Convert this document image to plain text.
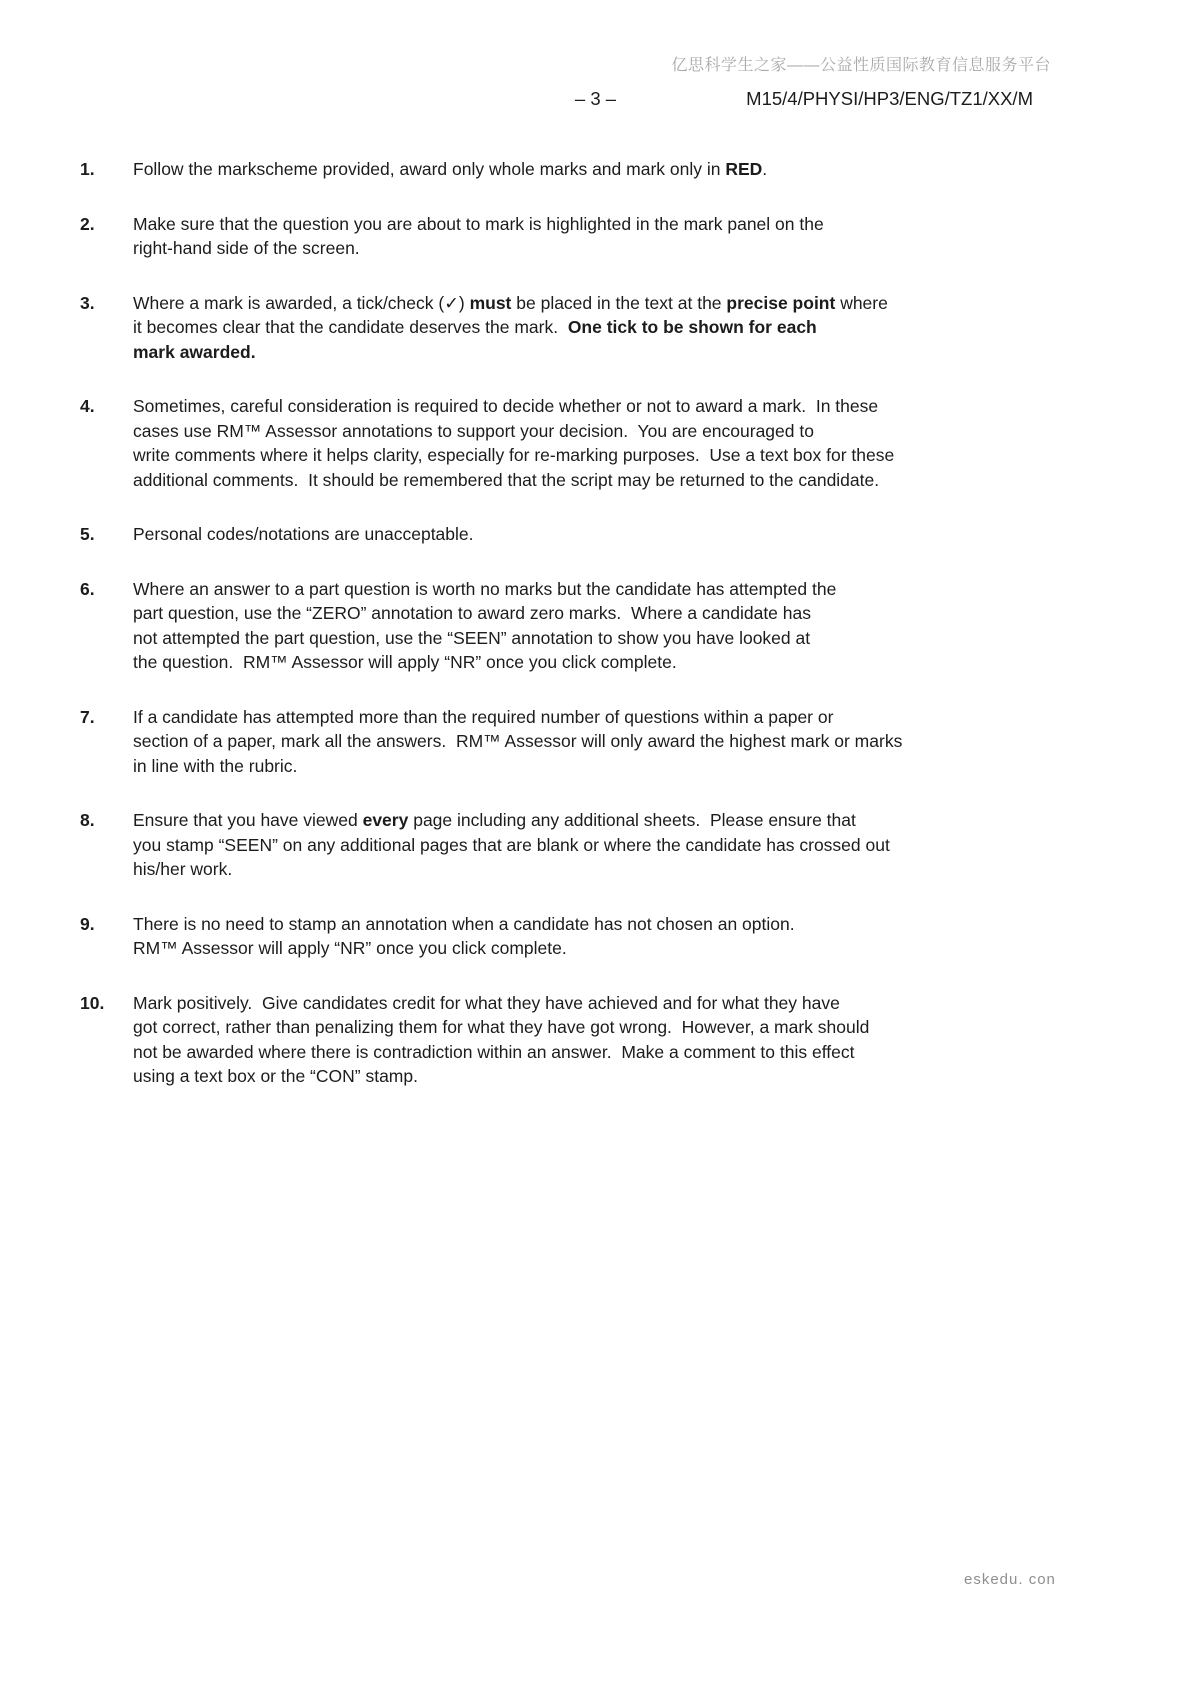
亿思科学生之家——公益性质国际教育信息服务平台
– 3 –	M15/4/PHYSI/HP3/ENG/TZ1/XX/M
1.	Follow the markscheme provided, award only whole marks and mark only in RED.
2.	Make sure that the question you are about to mark is highlighted in the mark panel on the
right-hand side of the screen.
3.	Where a mark is awarded, a tick/check (✓) must be placed in the text at the precise point where
it becomes clear that the candidate deserves the mark.  One tick to be shown for each
mark awarded.
4.	Sometimes, careful consideration is required to decide whether or not to award a mark.  In these
cases use RM™ Assessor annotations to support your decision.  You are encouraged to
write comments where it helps clarity, especially for re-marking purposes.  Use a text box for these
additional comments.  It should be remembered that the script may be returned to the candidate.
5.	Personal codes/notations are unacceptable.
6.	Where an answer to a part question is worth no marks but the candidate has attempted the
part question, use the “ZERO” annotation to award zero marks.  Where a candidate has
not attempted the part question, use the “SEEN” annotation to show you have looked at
the question.  RM™ Assessor will apply “NR” once you click complete.
7.	If a candidate has attempted more than the required number of questions within a paper or
section of a paper, mark all the answers.  RM™ Assessor will only award the highest mark or marks
in line with the rubric.
8.	Ensure that you have viewed every page including any additional sheets.  Please ensure that
you stamp “SEEN” on any additional pages that are blank or where the candidate has crossed out
his/her work.
9.	There is no need to stamp an annotation when a candidate has not chosen an option.
RM™ Assessor will apply “NR” once you click complete.
10.	Mark positively.  Give candidates credit for what they have achieved and for what they have
got correct, rather than penalizing them for what they have got wrong.  However, a mark should
not be awarded where there is contradiction within an answer.  Make a comment to this effect
using a text box or the “CON” stamp.
eskedu. con
